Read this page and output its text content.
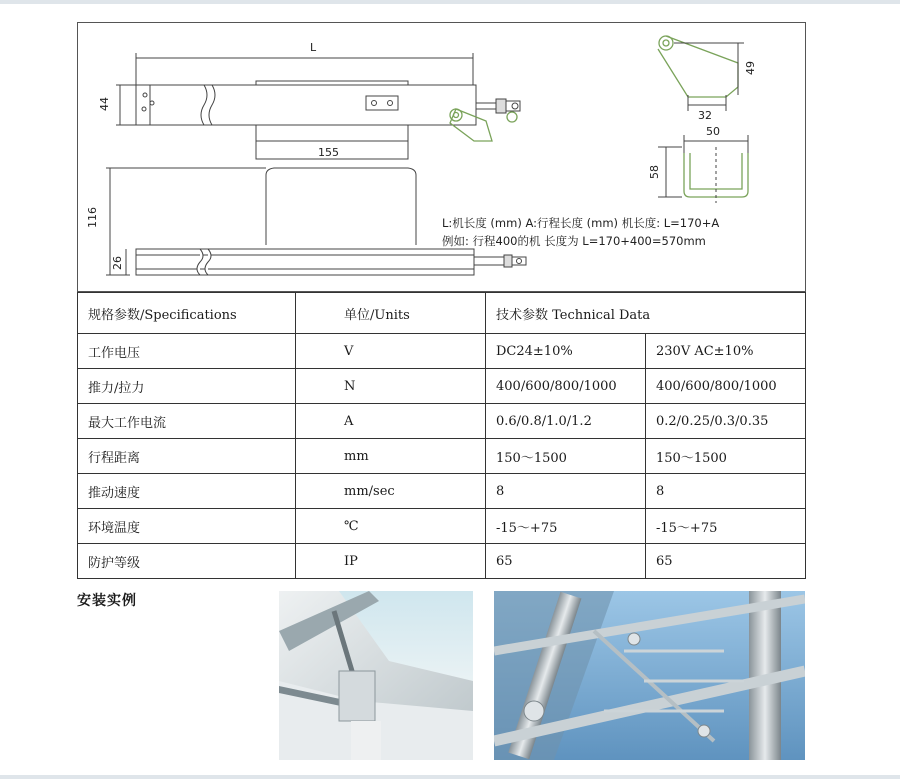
L
44
155
116
26
49
32
50
58
L:机长度 (mm) A:行程长度 (mm) 机长度: L=170+A
例如: 行程400的机 长度为 L=170+400=570mm
规格参数/Specifications	单位/Units	技术参数 Technical Data	
工作电压	V	DC24±10%	230V AC±10%
推力/拉力	N	400/600/800/1000	400/600/800/1000
最大工作电流	A	0.6/0.8/1.0/1.2	0.2/0.25/0.3/0.35
行程距离	mm	150～1500	150～1500
推动速度	mm/sec	8	8
环境温度	℃	-15～+75	-15～+75
防护等级	IP	65	65
安装实例
